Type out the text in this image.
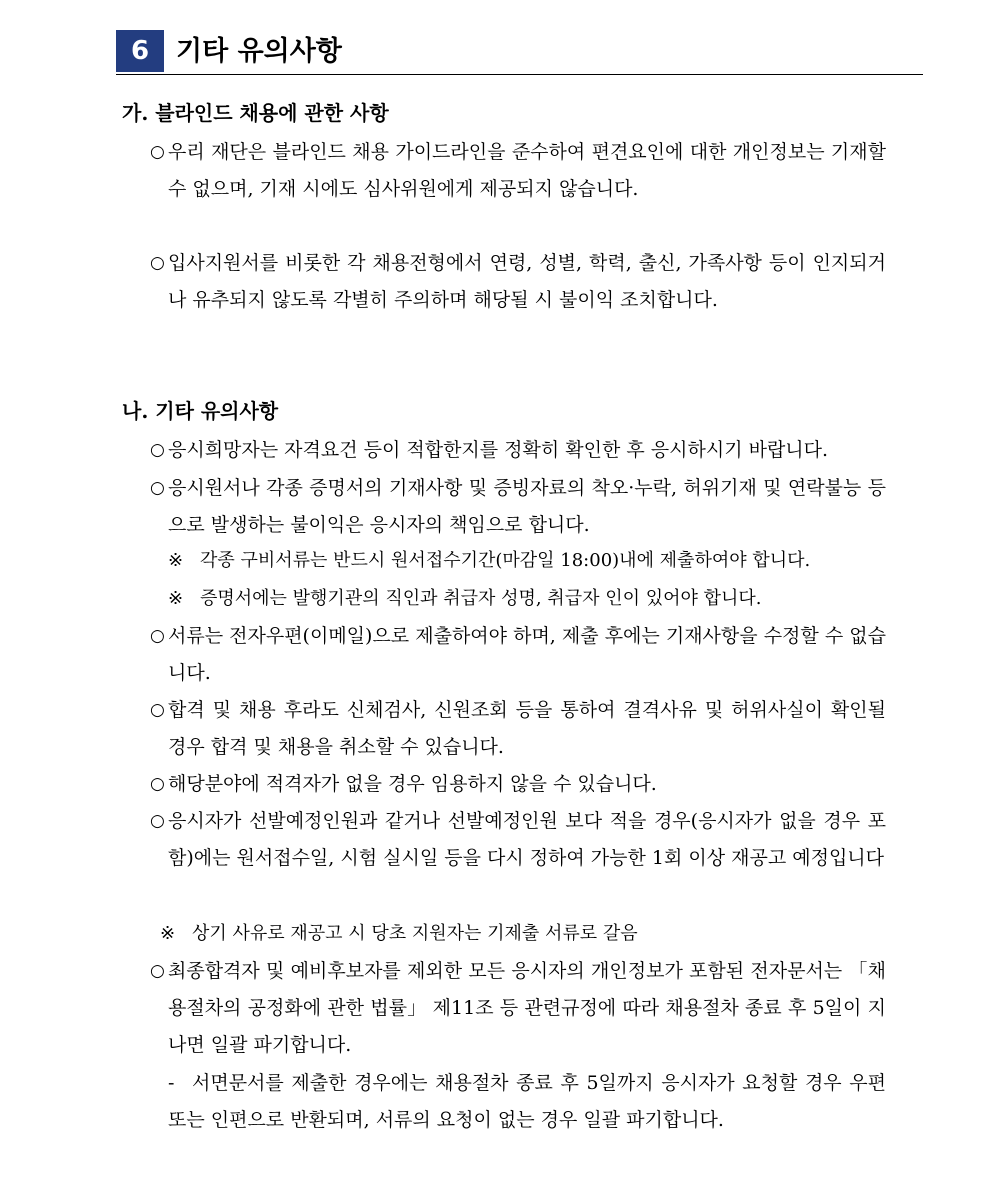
6 기타 유의사항
가. 블라인드 채용에 관한 사항
○ 우리 재단은 블라인드 채용 가이드라인을 준수하여 편견요인에 대한 개인정보는 기재할 수 없으며, 기재 시에도 심사위원에게 제공되지 않습니다.
○ 입사지원서를 비롯한 각 채용전형에서 연령, 성별, 학력, 출신, 가족사항 등이 인지되거나 유추되지 않도록 각별히 주의하며 해당될 시 불이익 조치합니다.
나. 기타 유의사항
○ 응시희망자는 자격요건 등이 적합한지를 정확히 확인한 후 응시하시기 바랍니다.
○ 응시원서나 각종 증명서의 기재사항 및 증빙자료의 착오·누락, 허위기재 및 연락불능 등으로 발생하는 불이익은 응시자의 책임으로 합니다.
※ 각종 구비서류는 반드시 원서접수기간(마감일 18:00)내에 제출하여야 합니다.
※ 증명서에는 발행기관의 직인과 취급자 성명, 취급자 인이 있어야 합니다.
○ 서류는 전자우편(이메일)으로 제출하여야 하며, 제출 후에는 기재사항을 수정할 수 없습니다.
○ 합격 및 채용 후라도 신체검사, 신원조회 등을 통하여 결격사유 및 허위사실이 확인될 경우 합격 및 채용을 취소할 수 있습니다.
○ 해당분야에 적격자가 없을 경우 임용하지 않을 수 있습니다.
○ 응시자가 선발예정인원과 같거나 선발예정인원 보다 적을 경우(응시자가 없을 경우 포함)에는 원서접수일, 시험 실시일 등을 다시 정하여 가능한 1회 이상 재공고 예정입니다
※ 상기 사유로 재공고 시 당초 지원자는 기제출 서류로 갈음
○ 최종합격자 및 예비후보자를 제외한 모든 응시자의 개인정보가 포함된 전자문서는 「채용절차의 공정화에 관한 법률」 제11조 등 관련규정에 따라 채용절차 종료 후 5일이 지나면 일괄 파기합니다.
- 서면문서를 제출한 경우에는 채용절차 종료 후 5일까지 응시자가 요청할 경우 우편 또는 인편으로 반환되며, 서류의 요청이 없는 경우 일괄 파기합니다.
